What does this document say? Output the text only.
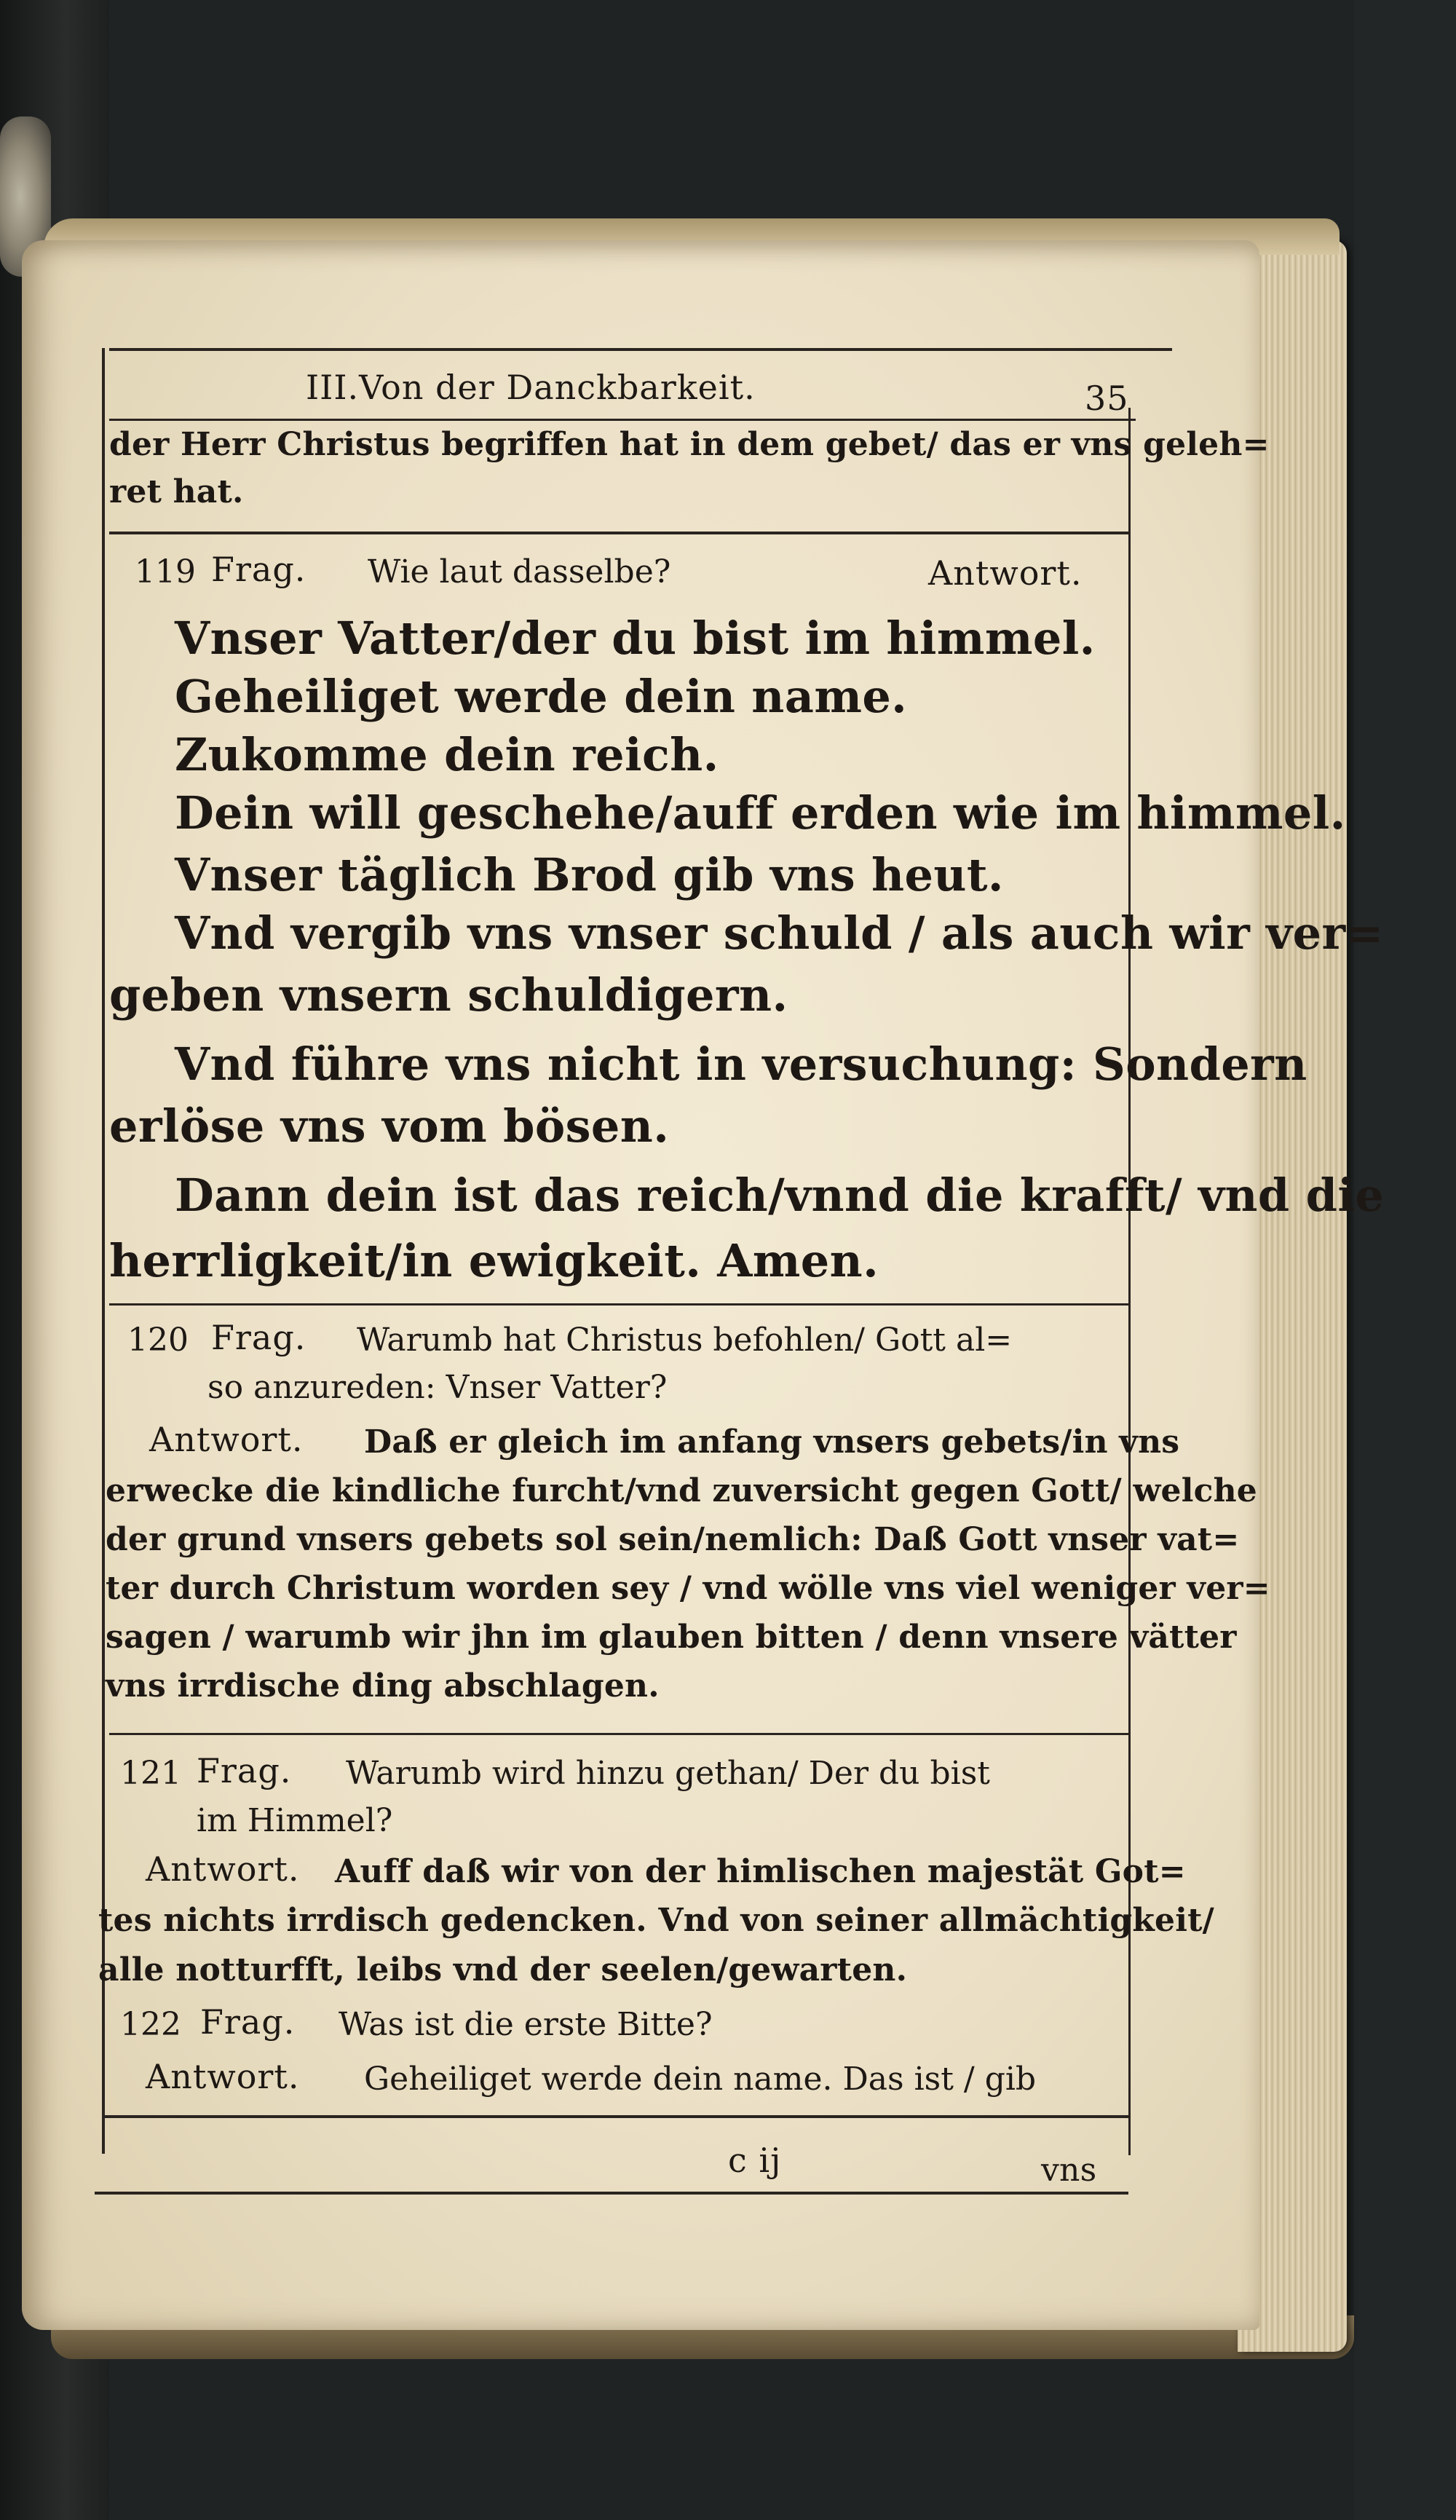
III.Von der Danckbarkeit.	35
der Herr Christus begriffen hat in dem gebet/ das er vns geleh=
ret hat.
119 Frag. Wie laut dasselbe?	Antwort.
Vnser Vatter/der du bist im himmel.
Geheiliget werde dein name.
Zukomme dein reich.
Dein will geschehe/auff erden wie im himmel.
Vnser täglich Brod gib vns heut.
Vnd vergib vns vnser schuld / als auch wir ver=
geben vnsern schuldigern.
Vnd führe vns nicht in versuchung: Sondern
erlöse vns vom bösen.
Dann dein ist das reich/vnnd die krafft/ vnd die
herrligkeit/in ewigkeit. Amen.
120 Frag. Warumb hat Christus befohlen/ Gott al=
so anzureden: Vnser Vatter?
Antwort. Daß er gleich im anfang vnsers gebets/in vns
erwecke die kindliche furcht/vnd zuversicht gegen Gott/ welche
der grund vnsers gebets sol sein/nemlich: Daß Gott vnser vat=
ter durch Christum worden sey / vnd wölle vns viel weniger ver=
sagen / warumb wir jhn im glauben bitten / denn vnsere vätter
vns irrdische ding abschlagen.
121 Frag. Warumb wird hinzu gethan/ Der du bist
im Himmel?
Antwort. Auff daß wir von der himlischen majestät Got=
tes nichts irrdisch gedencken. Vnd von seiner allmächtigkeit/
alle notturfft, leibs vnd der seelen/gewarten.
122 Frag. Was ist die erste Bitte?
Antwort. Geheiliget werde dein name. Das ist / gib
c ij	vns
